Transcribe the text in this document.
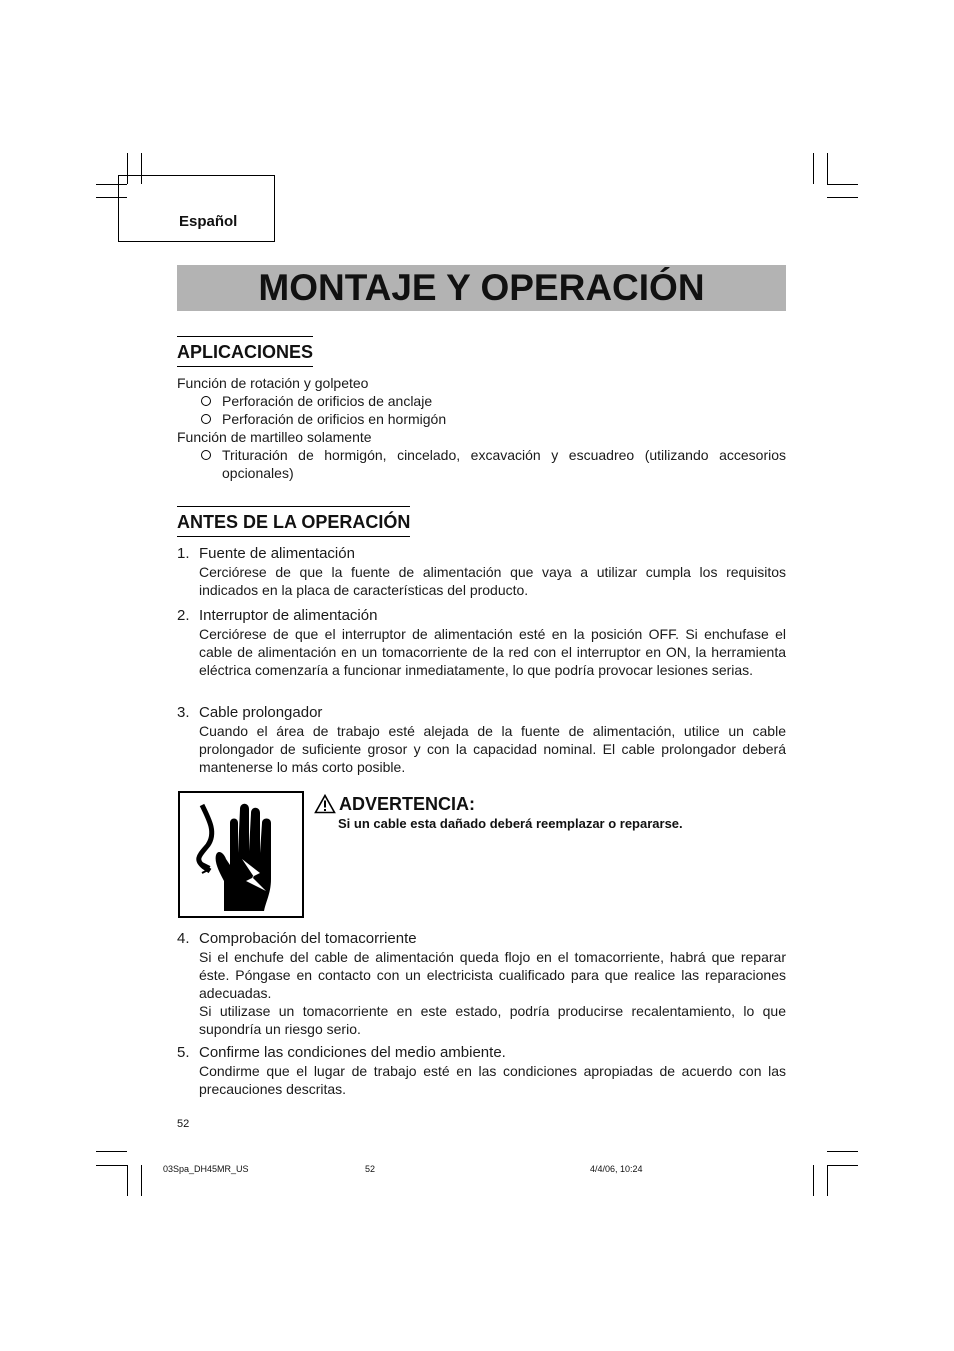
Español
MONTAJE Y OPERACIÓN
APLICACIONES
Función de rotación y golpeteo
Perforación de orificios de anclaje
Perforación de orificios en hormigón
Función de martilleo solamente
Trituración de hormigón, cincelado, excavación y escuadreo (utilizando accesorios opcionales)
ANTES DE LA OPERACIÓN
1. Fuente de alimentación
Cerciórese de que la fuente de alimentación que vaya a utilizar cumpla los requisitos indicados en la placa de características del producto.
2. Interruptor de alimentación
Cerciórese de que el interruptor de alimentación esté en la posición OFF. Si enchufase el cable de alimentación en un tomacorriente de la red con el interruptor en ON, la herramienta eléctrica comenzaría a funcionar inmediatamente, lo que podría provocar lesiones serias.
3. Cable prolongador
Cuando el área de trabajo esté alejada de la fuente de alimentación, utilice un cable prolongador de suficiente grosor y con la capacidad nominal. El cable prolongador deberá mantenerse lo más corto posible.
ADVERTENCIA:
Si un cable esta dañado deberá reemplazar o repararse.
4. Comprobación del tomacorriente
Si el enchufe del cable de alimentación queda flojo en el tomacorriente, habrá que reparar éste. Póngase en contacto con un electricista cualificado para que realice las reparaciones adecuadas.
Si utilizase un tomacorriente en este estado, podría producirse recalentamiento, lo que supondría un riesgo serio.
5. Confirme las condiciones del medio ambiente.
Condirme que el lugar de trabajo esté en las condiciones apropiadas de acuerdo con las precauciones descritas.
52
03Spa_DH45MR_US	52	4/4/06, 10:24
